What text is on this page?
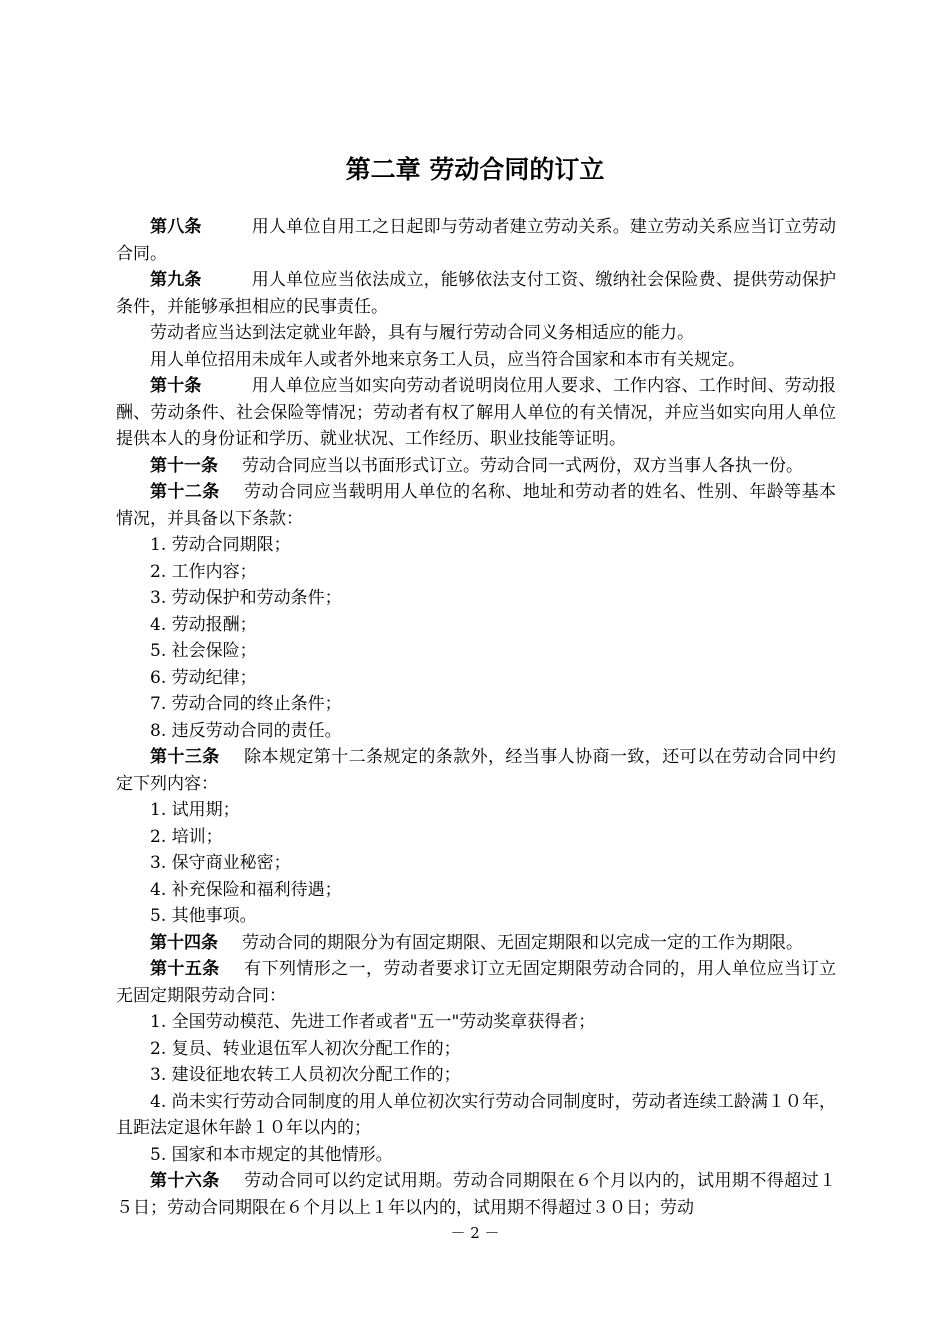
第二章 劳动合同的订立

第八条	用人单位自用工之日起即与劳动者建立劳动关系。建立劳动关系应当订立劳动合同。

第九条	用人单位应当依法成立，能够依法支付工资、缴纳社会保险费、提供劳动保护条件，并能够承担相应的民事责任。

劳动者应当达到法定就业年龄，具有与履行劳动合同义务相适应的能力。

用人单位招用未成年人或者外地来京务工人员，应当符合国家和本市有关规定。

第十条	用人单位应当如实向劳动者说明岗位用人要求、工作内容、工作时间、劳动报酬、劳动条件、社会保险等情况；劳动者有权了解用人单位的有关情况，并应当如实向用人单位提供本人的身份证和学历、就业状况、工作经历、职业技能等证明。

第十一条 劳动合同应当以书面形式订立。劳动合同一式两份，双方当事人各执一份。

第十二条 劳动合同应当载明用人单位的名称、地址和劳动者的姓名、性别、年龄等基本情况，并具备以下条款：

1. 劳动合同期限；

2. 工作内容；

3. 劳动保护和劳动条件；

4. 劳动报酬；

5. 社会保险；

6. 劳动纪律；

7. 劳动合同的终止条件；

8. 违反劳动合同的责任。

第十三条 除本规定第十二条规定的条款外，经当事人协商一致，还可以在劳动合同中约定下列内容：

1. 试用期；

2. 培训；

3. 保守商业秘密；

4. 补充保险和福利待遇；

5. 其他事项。

第十四条 劳动合同的期限分为有固定期限、无固定期限和以完成一定的工作为期限。

第十五条 有下列情形之一，劳动者要求订立无固定期限劳动合同的，用人单位应当订立无固定期限劳动合同：

1. 全国劳动模范、先进工作者或者"五一"劳动奖章获得者；

2. 复员、转业退伍军人初次分配工作的；

3. 建设征地农转工人员初次分配工作的；

4. 尚未实行劳动合同制度的用人单位初次实行劳动合同制度时，劳动者连续工龄满１０年，且距法定退休年龄１０年以内的；

5. 国家和本市规定的其他情形。

第十六条 劳动合同可以约定试用期。劳动合同期限在６个月以内的，试用期不得超过１５日；劳动合同期限在６个月以上１年以内的，试用期不得超过３０日；劳动

－ 2 －
